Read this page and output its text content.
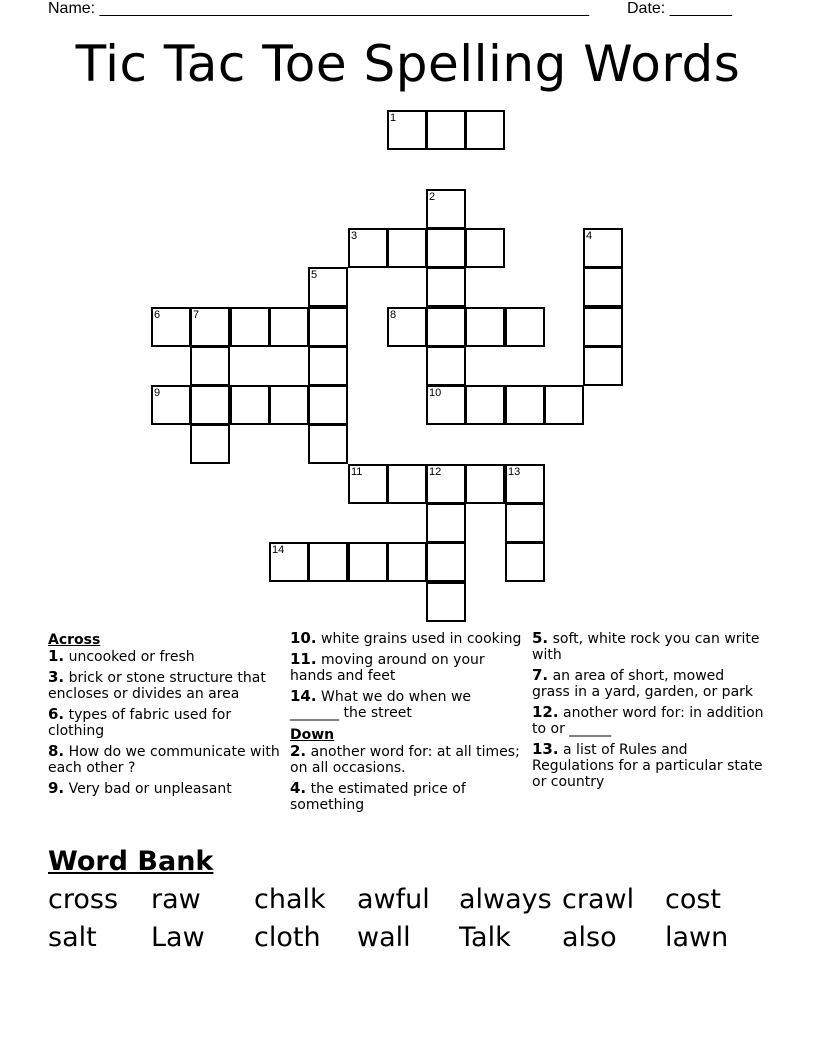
Name: _______________________________________________________ Date: _______
Tic Tac Toe Spelling Words
1
2
3	4
5
6	7	8
9	10
11	12	13
14
Across
1. uncooked or fresh
3. brick or stone structure that encloses or divides an area
6. types of fabric used for clothing
8. How do we communicate with each other ?
9. Very bad or unpleasant
10. white grains used in cooking
11. moving around on your hands and feet
14. What we do when we _______ the street
Down
2. another word for: at all times; on all occasions.
4. the estimated price of something
5. soft, white rock you can write with
7. an area of short, mowed grass in a yard, garden, or park
12. another word for: in addition to or ______
13. a list of Rules and Regulations for a particular state or country
Word Bank
cross raw chalk awful always crawl cost
salt Law cloth wall Talk also lawn
